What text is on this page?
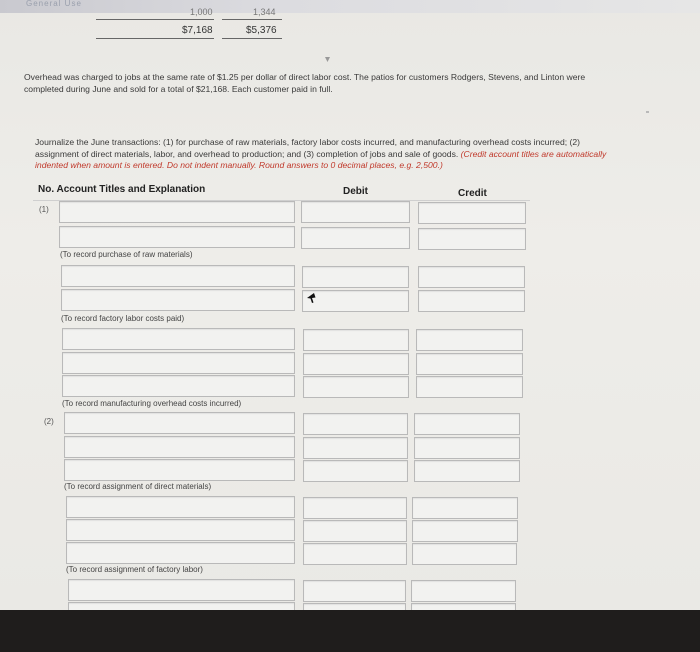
General Use
1,000	1,344
$7,168	$5,376
Overhead was charged to jobs at the same rate of $1.25 per dollar of direct labor cost. The patios for customers Rodgers, Stevens, and Linton were
completed during June and sold for a total of $21,168. Each customer paid in full.
Journalize the June transactions: (1) for purchase of raw materials, factory labor costs incurred, and manufacturing overhead costs incurred; (2)
assignment of direct materials, labor, and overhead to production; and (3) completion of jobs and sale of goods. (Credit account titles are automatically
indented when amount is entered. Do not indent manually. Round answers to 0 decimal places, e.g. 2,500.)
No. Account Titles and Explanation	Debit	Credit
(1)
(2)
(To record purchase of raw materials)
(To record factory labor costs paid)
(To record manufacturing overhead costs incurred)
(To record assignment of direct materials)
(To record assignment of factory labor)
